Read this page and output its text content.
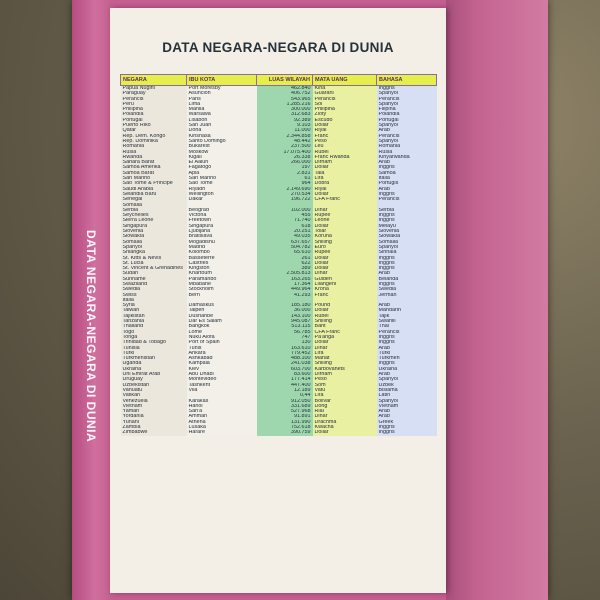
DATA NEGARA-NEGARA DI DUNIA
DATA NEGARA-NEGARA DI DUNIA
NEGARA	IBU KOTA	LUAS WILAYAH	MATA UANG	BAHASA
Papua Nugini	Port Moresby	462.840	Kina	Inggris
Paraguay	Asuncion	406.752	Guarani	Spanyol
Perancis	Paris	543.965	Perancis	Perancis
Peru	Lima	1.285.216	Sol	Spanyol
Philipina	Manila	300.000	Philipina	Filipina
Polandia	Warsawa	312.683	Zloty	Polandia
Portugal	Lisabon	92.389	Escudo	Portugal
Puerto Riko	San Juan	9.103	Dollar	Spanyol
Qatar	Doha	11.000	Riyal	Arab
Rep. Dem. Kongo	Kinshasa	2.344.858	Franc	Perancis
Rep. Dominika	Santo Domingo	48.442	Peso	Spanyol
Romania	Bukarest	237.500	Leu	Romania
Rusia	Moskow	17.075.400	Rubel	Rusia
Rwanda	Kigali	26.338	Franc Rwanda	Kinyarwanda
Sahara Barat	El Aaiun	266.000	Dirham	Arab
Samoa Amerika	Fagatogo	197	Dollar	Inggris
Samoa Barat	Apia	2.831	Tala	Samoa
San Marino	San Marino	61	Lira	Italia
Sao Tome & Principe	Sao Tome	964	Dobra	Portugis
Saudi Arabia	Riyadh	2.149.690	Riyal	Arab
Selandia Baru	Wellington	270.534	Dollar	Inggris
Senegal	Dakar	196.722	CFA Franc	Perancis
Somalia				
Serbia	Beograd	102.000	Dinar	Serbia
Seychelles	Victoria	455	Rupee	Inggris
Sierra Leone	Freetown	71.740	Leone	Inggris
Singapura	Singapura	618	Dollar	Melayu
Slovenia	Ljubljana	20.251	Tolar	Slovenia
Slowakia	Bratislava	49.035	Koruna	Slowakia
Somalia	Mogadishu	637.657	Shilling	Somalia
Spanyol	Madrid	504.782	Euro	Spanyol
Srilangka	Kolombo	65.610	Rupee	Sinhala
St. Kitts & Nevis	Basseterre	261	Dollar	Inggris
St. Lucia	Castries	622	Dollar	Inggris
St. Vincent & Grenadines	Kingston	389	Dollar	Inggris
Sudan	Khartoum	2.505.813	Dinar	Arab
Suriname	Paramaribo	163.265	Gulden	Belanda
Swaziland	Mbabane	17.364	Lilangeni	Inggris
Swedia	Stockholm	449.964	Krona	Swedia
Swiss	Bern	41.293	Franc	Jerman
Italia				
Syria	Damaskus	185.180	Pound	Arab
Taiwan	Taipeh	36.000	Dollar	Mandarin
Tajikistan	Dushanbe	143.100	Rubel	Tajik
Tanzania	Dar Es Salam	945.087	Shilling	Swahili
Thailand	Bangkok	513.115	Baht	Thai
Togo	Lome	56.785	CFA Franc	Perancis
Tonga	Nuku Alofa	747	Pa'anga	Inggris
Trinidad & Tobago	Port of Spain	130	Dollar	Inggris
Tunisia	Tunis	163.610	Dinar	Arab
Turki	Ankara	779.452	Lira	Turki
Turkmenistan	Ashkabad	488.100	Manat	Turkmen
Uganda	Kampala	241.038	Shilling	Inggris
Ukraina	Kiev	603.700	Karbovanets	Ukraina
Uni Emirat Arab	Abu Dhabi	83.600	Dirham	Arab
Uruguay	Montevideo	177.414	Peso	Spanyol
Uzbekistan	Tashkent	447.400	Som	Uzbek
Vanuatu	Vila	12.189	Vatu	Bislama
Vatikan		0,44	Lira	Latin
Venezuela	Karakas	912.050	Bolivar	Spanyol
Vietnam	Hanoi	331.689	Dong	Vietnam
Yaman	San'a	527.968	Rial	Arab
Yordania	Amman	91.891	Dinar	Arab
Yunani	Athena	131.990	Drachma	Greek
Zambia	Lusaka	752.618	Kwacha	Inggris
Zimbabwe	Harare	390.759	Dollar	Inggris
